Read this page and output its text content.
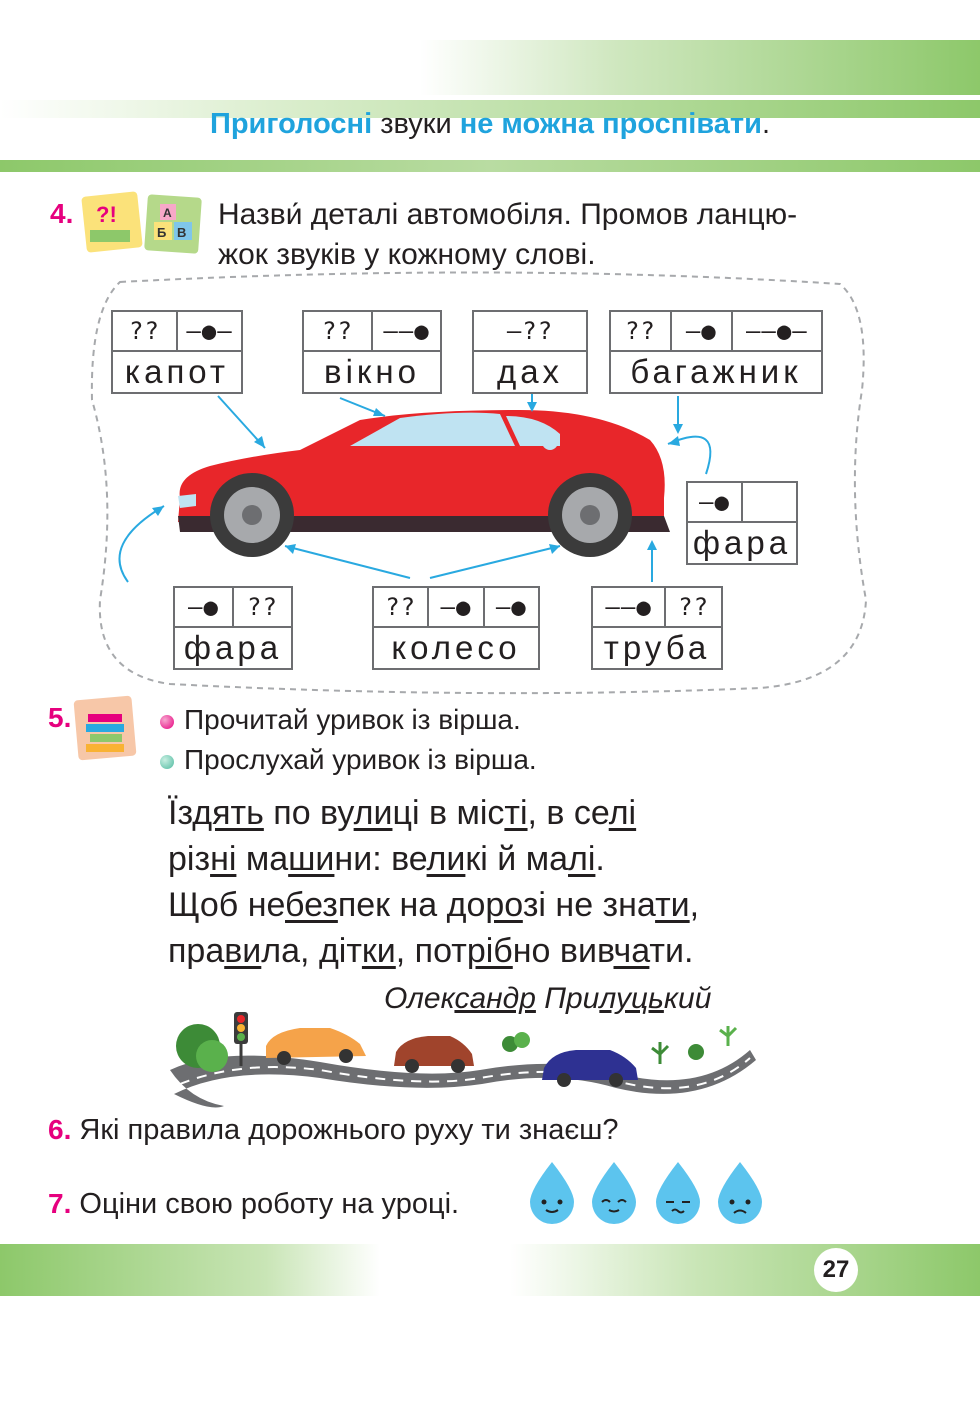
Приголосні звуки не можна проспівати.
4. ?!
Б В
А Назви́ деталі автомобіля. Промов ланцю-
жок звуків у кожному слові.
??	–●–
капот
??	––●
вікно
–??
дах
??	–●	––●–
багажник
–●
фара
–●	??
фара
??	–●	–●
колесо
––●	??
труба
5.	Прочитай уривок із вірша.
Прослухай уривок із вірша.
Їздять по вулиці в місті, в селі
різні машини: великі й малі.
Щоб небезпек на дорозі не знати,
правила, дітки, потрібно вивчати.
Олександр Прилуцький
6. Які правила дорожнього руху ти знаєш?
7. Оціни свою роботу на уроці.
27
